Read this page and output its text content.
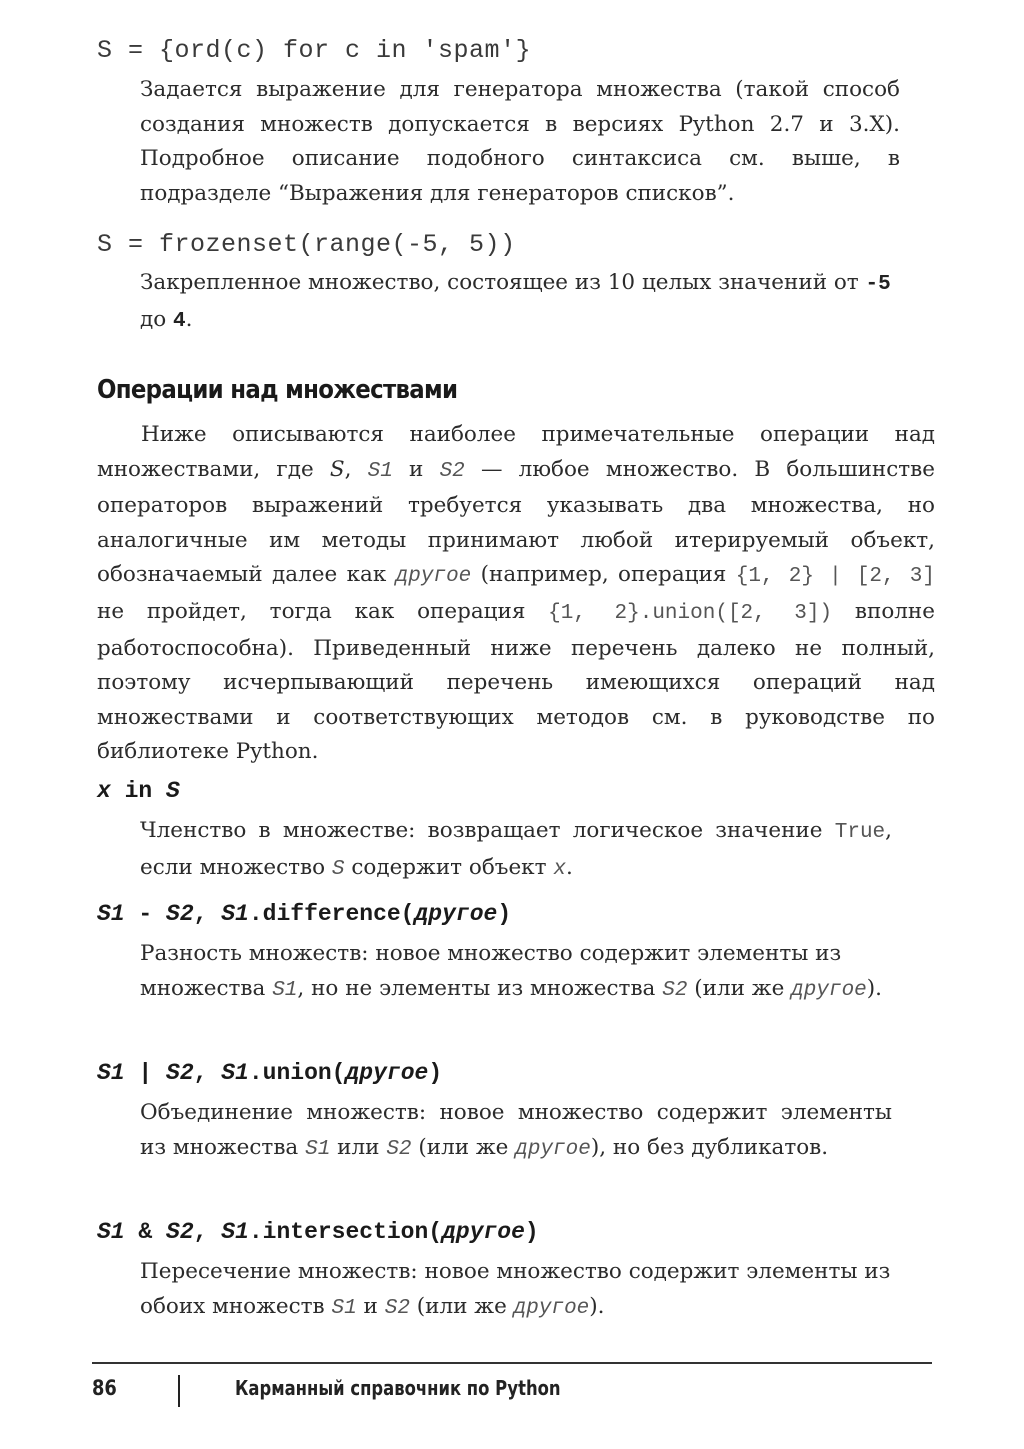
S = {ord(c) for c in 'spam'}
Задается выражение для генератора множества (такой способ создания множеств допускается в версиях Python 2.7 и 3.X). Подробное описание подобного синтаксиса см. выше, в подразделе “Выражения для генераторов списков”.
S = frozenset(range(-5, 5))
Закрепленное множество, состоящее из 10 целых значений от -5 до 4.
Операции над множествами
Ниже описываются наиболее примечательные операции над множествами, где S, S1 и S2 — любое множество. В большинстве операторов выражений требуется указывать два множества, но аналогичные им методы принимают любой итерируемый объект, обозначаемый далее как другое (например, операция {1, 2} | [2, 3] не пройдет, тогда как операция {1, 2}.union([2, 3]) вполне работоспособна). Приведенный ниже перечень далеко не полный, поэтому исчерпывающий перечень имеющихся операций над множествами и соответствующих методов см. в руководстве по библиотеке Python.
x in S
Членство в множестве: возвращает логическое значение True, если множество S содержит объект x.
S1 - S2, S1.difference(другое)
Разность множеств: новое множество содержит элементы из множества S1, но не элементы из множества S2 (или же другое).
S1 | S2, S1.union(другое)
Объединение множеств: новое множество содержит элементы из множества S1 или S2 (или же другое), но без дубликатов.
S1 & S2, S1.intersection(другое)
Пересечение множеств: новое множество содержит элементы из обоих множеств S1 и S2 (или же другое).
86	Карманный справочник по Python
